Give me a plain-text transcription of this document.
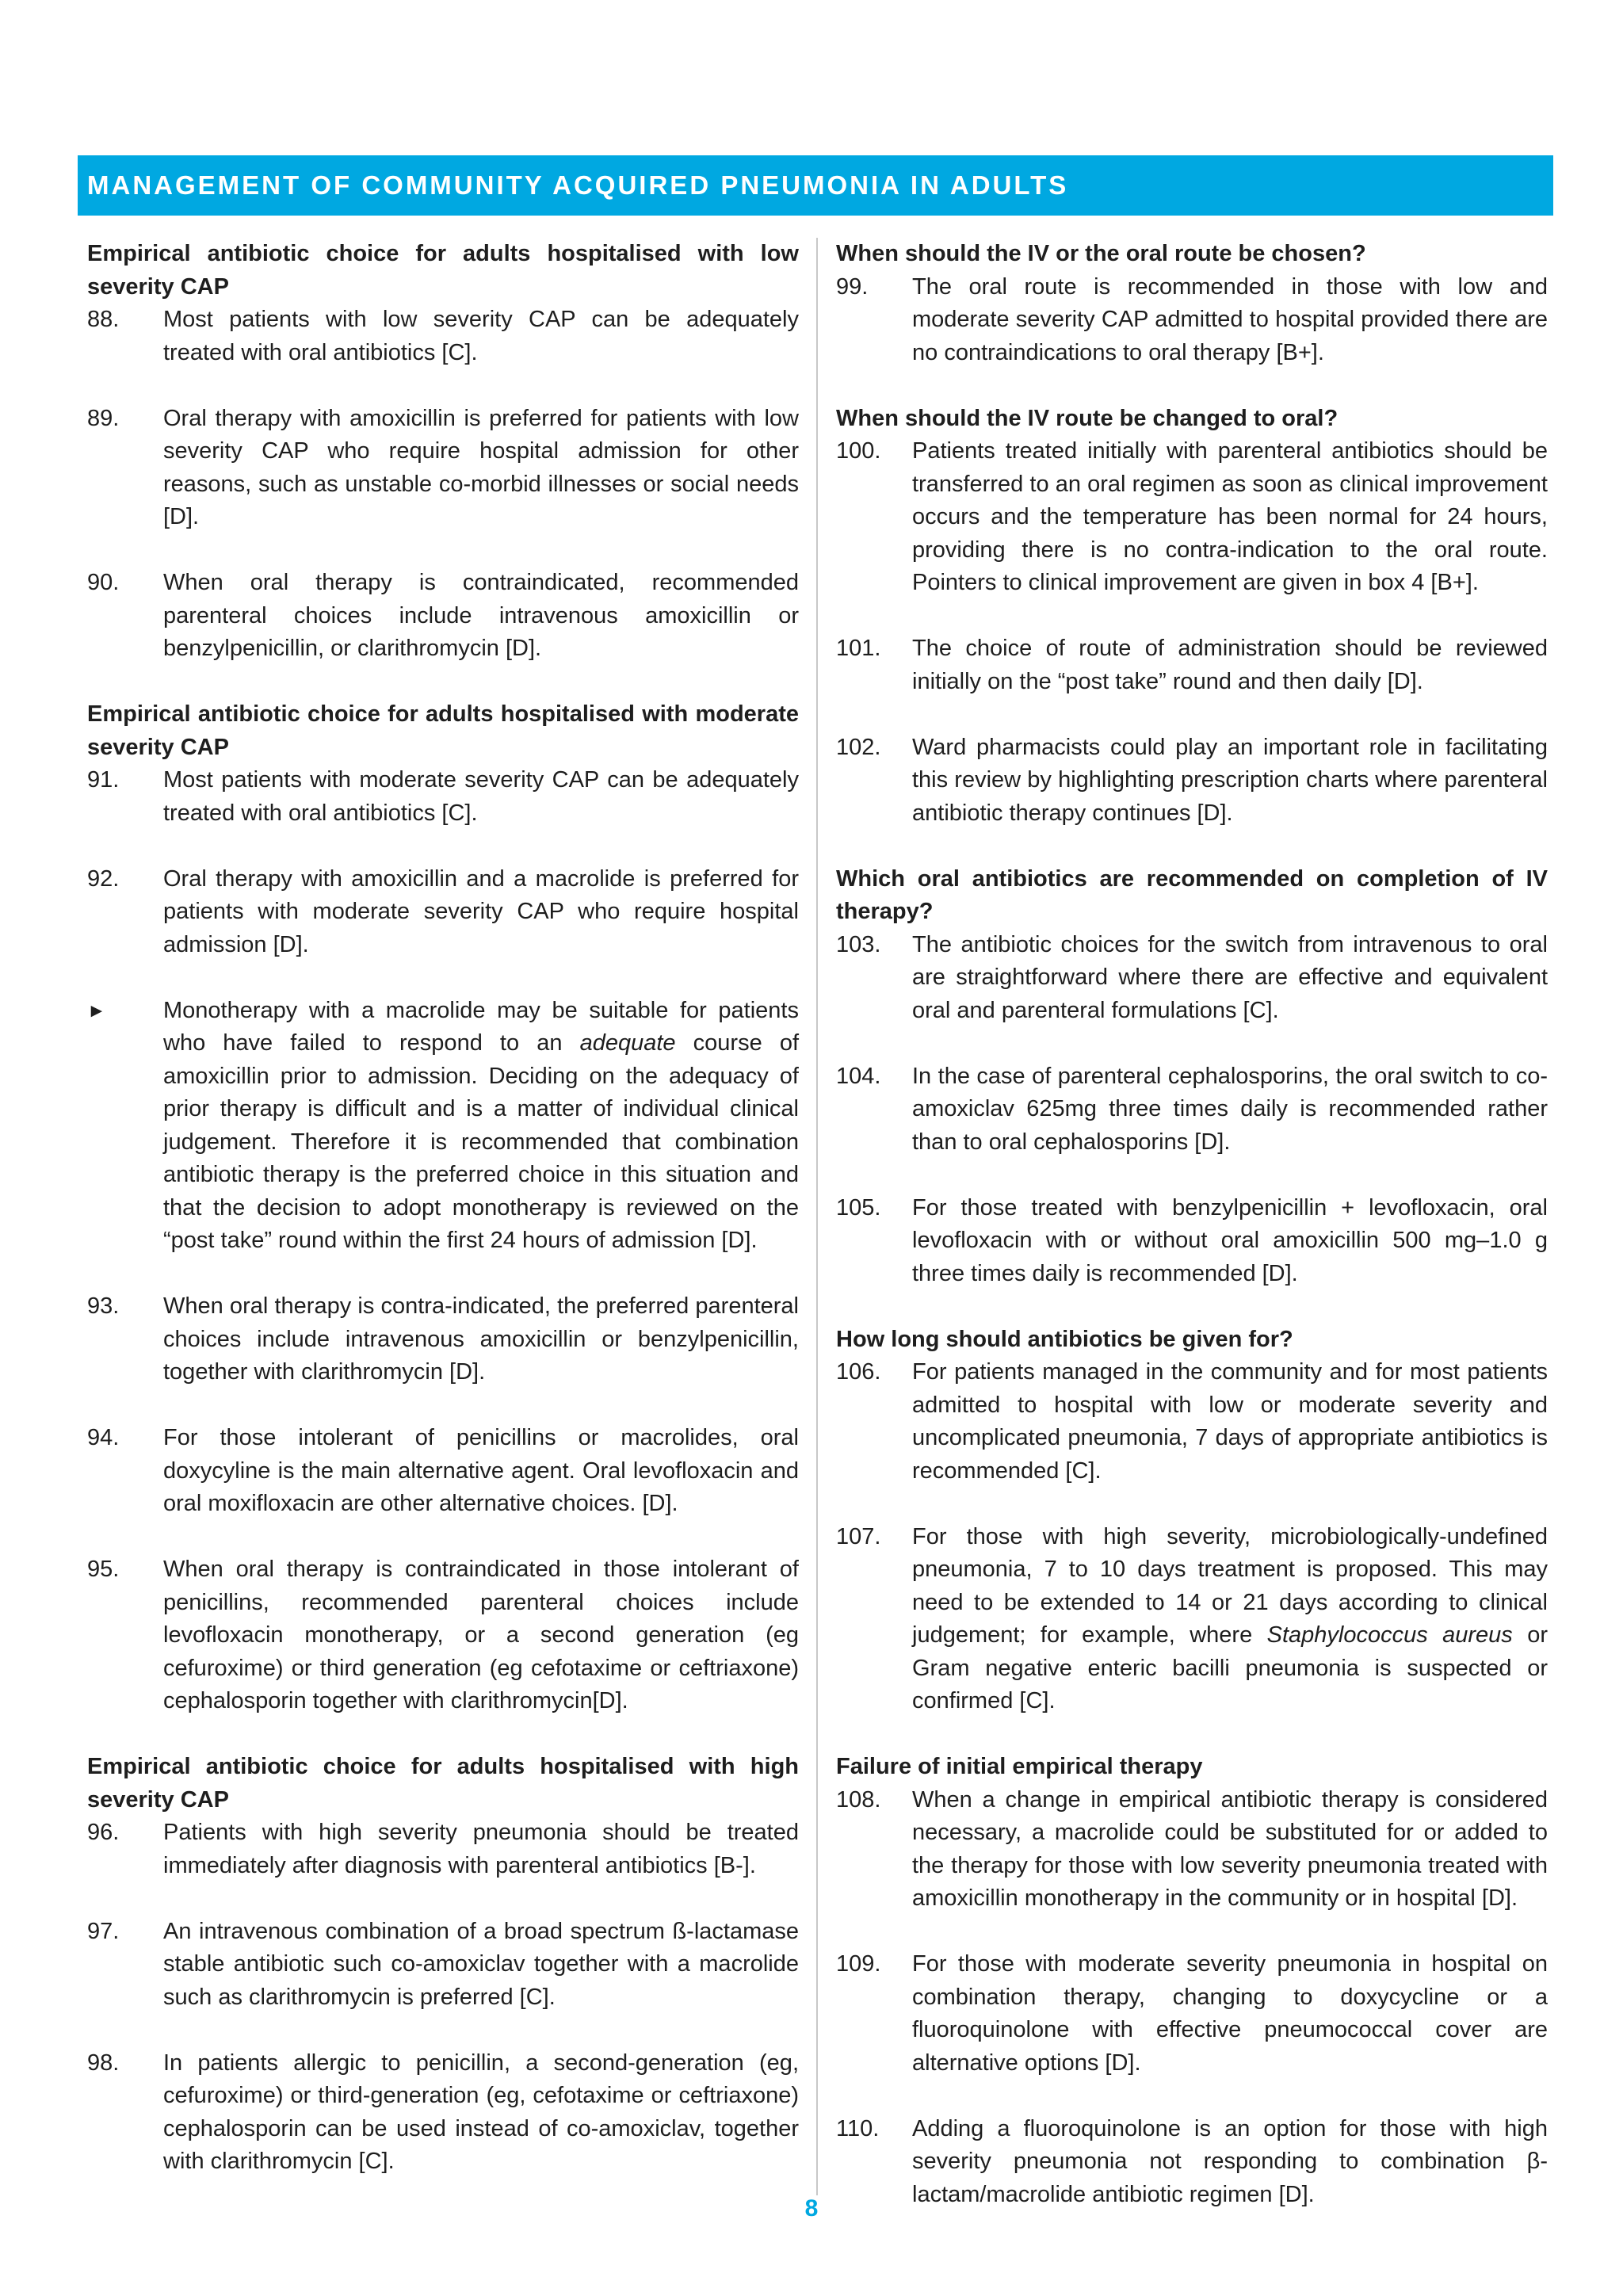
MANAGEMENT OF COMMUNITY ACQUIRED PNEUMONIA IN ADULTS
Empirical antibiotic choice for adults hospitalised with low severity CAP
88.	Most patients with low severity CAP can be adequately treated with oral antibiotics [C].
89.	Oral therapy with amoxicillin is preferred for patients with low severity CAP who require hospital admission for other reasons, such as unstable co-morbid illnesses or social needs [D].
90.	When oral therapy is contraindicated, recommended parenteral choices include intravenous amoxicillin or benzylpenicillin, or clarithromycin [D].
Empirical antibiotic choice for adults hospitalised with moderate severity CAP
91.	Most patients with moderate severity CAP can be adequately treated with oral antibiotics [C].
92.	Oral therapy with amoxicillin and a macrolide is preferred for patients with moderate severity CAP who require hospital admission [D].
►	Monotherapy with a macrolide may be suitable for patients who have failed to respond to an adequate course of amoxicillin prior to admission. Deciding on the adequacy of prior therapy is difficult and is a matter of individual clinical judgement. Therefore it is recommended that combination antibiotic therapy is the preferred choice in this situation and that the decision to adopt monotherapy is reviewed on the “post take” round within the first 24 hours of admission [D].
93.	When oral therapy is contra-indicated, the preferred parenteral choices include intravenous amoxicillin or benzylpenicillin, together with clarithromycin [D].
94.	For those intolerant of penicillins or macrolides, oral doxycyline is the main alternative agent. Oral levofloxacin and oral moxifloxacin are other alternative choices. [D].
95.	When oral therapy is contraindicated in those intolerant of penicillins, recommended parenteral choices include levofloxacin monotherapy, or a second generation (eg cefuroxime) or third generation (eg cefotaxime or ceftriaxone) cephalosporin together with clarithromycin[D].
Empirical antibiotic choice for adults hospitalised with high severity CAP
96.	Patients with high severity pneumonia should be treated immediately after diagnosis with parenteral antibiotics [B-].
97.	An intravenous combination of a broad spectrum ß-lactamase stable antibiotic such co-amoxiclav together with a macrolide such as clarithromycin is preferred [C].
98.	In patients allergic to penicillin, a second-generation (eg, cefuroxime) or third-generation (eg, cefotaxime or ceftriaxone) cephalosporin can be used instead of co-amoxiclav, together with clarithromycin [C].
When should the IV or the oral route be chosen?
99.	The oral route is recommended in those with low and moderate severity CAP admitted to hospital provided there are no contraindications to oral therapy [B+].
When should the IV route be changed to oral?
100.	Patients treated initially with parenteral antibiotics should be transferred to an oral regimen as soon as clinical improvement occurs and the temperature has been normal for 24 hours, providing there is no contra-indication to the oral route. Pointers to clinical improvement are given in box 4 [B+].
101.	The choice of route of administration should be reviewed initially on the “post take” round and then daily [D].
102.	Ward pharmacists could play an important role in facilitating this review by highlighting prescription charts where parenteral antibiotic therapy continues [D].
Which oral antibiotics are recommended on completion of IV therapy?
103.	The antibiotic choices for the switch from intravenous to oral are straightforward where there are effective and equivalent oral and parenteral formulations [C].
104.	In the case of parenteral cephalosporins, the oral switch to co-amoxiclav 625mg three times daily is recommended rather than to oral cephalosporins [D].
105.	For those treated with benzylpenicillin + levofloxacin, oral levofloxacin with or without oral amoxicillin 500 mg–1.0 g three times daily is recommended [D].
How long should antibiotics be given for?
106.	For patients managed in the community and for most patients admitted to hospital with low or moderate severity and uncomplicated pneumonia, 7 days of appropriate antibiotics is recommended [C].
107.	For those with high severity, microbiologically-undefined pneumonia, 7 to 10 days treatment is proposed. This may need to be extended to 14 or 21 days according to clinical judgement; for example, where Staphylococcus aureus or Gram negative enteric bacilli pneumonia is suspected or confirmed [C].
Failure of initial empirical therapy
108.	When a change in empirical antibiotic therapy is considered necessary, a macrolide could be substituted for or added to the therapy for those with low severity pneumonia treated with amoxicillin monotherapy in the community or in hospital [D].
109.	For those with moderate severity pneumonia in hospital on combination therapy, changing to doxycycline or a fluoroquinolone with effective pneumococcal cover are alternative options [D].
110.	Adding a fluoroquinolone is an option for those with high severity pneumonia not responding to combination β-lactam/macrolide antibiotic regimen [D].
8
